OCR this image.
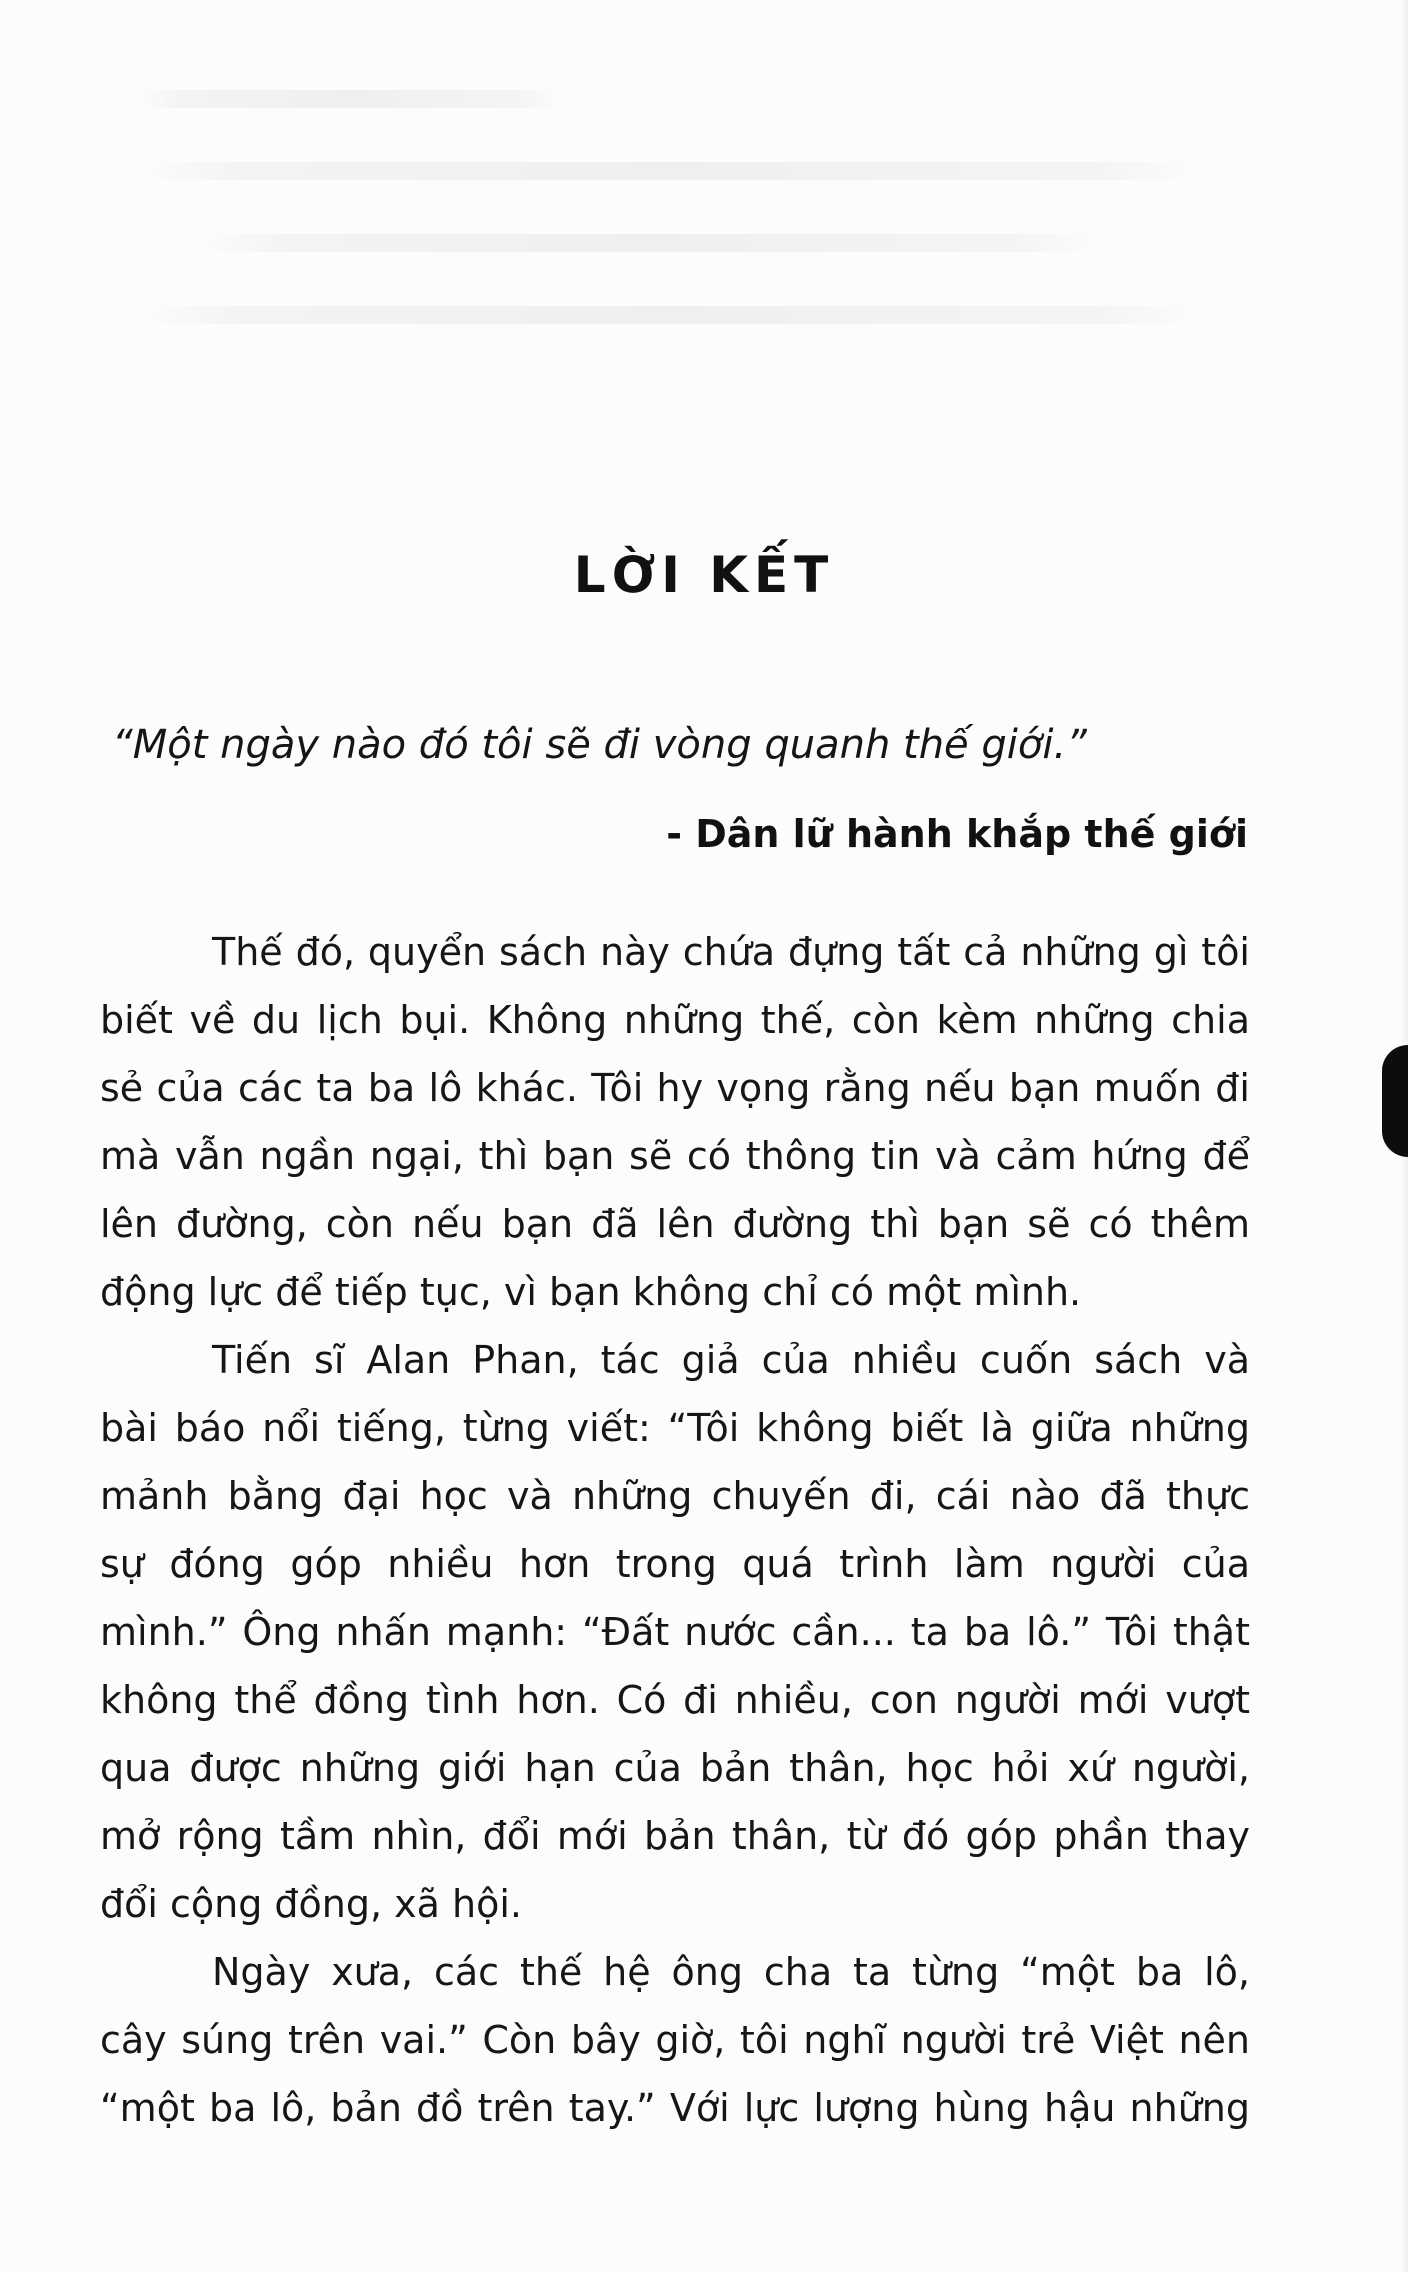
LỜI KẾT
“Một ngày nào đó tôi sẽ đi vòng quanh thế giới.”
- Dân lữ hành khắp thế giới
Thế đó, quyển sách này chứa đựng tất cả những gì tôi
biết về du lịch bụi. Không những thế, còn kèm những chia
sẻ của các ta ba lô khác. Tôi hy vọng rằng nếu bạn muốn đi
mà vẫn ngần ngại, thì bạn sẽ có thông tin và cảm hứng để
lên đường, còn nếu bạn đã lên đường thì bạn sẽ có thêm
động lực để tiếp tục, vì bạn không chỉ có một mình.
Tiến sĩ Alan Phan, tác giả của nhiều cuốn sách và
bài báo nổi tiếng, từng viết: “Tôi không biết là giữa những
mảnh bằng đại học và những chuyến đi, cái nào đã thực
sự đóng góp nhiều hơn trong quá trình làm người của
mình.” Ông nhấn mạnh: “Đất nước cần... ta ba lô.” Tôi thật
không thể đồng tình hơn. Có đi nhiều, con người mới vượt
qua được những giới hạn của bản thân, học hỏi xứ người,
mở rộng tầm nhìn, đổi mới bản thân, từ đó góp phần thay
đổi cộng đồng, xã hội.
Ngày xưa, các thế hệ ông cha ta từng “một ba lô,
cây súng trên vai.” Còn bây giờ, tôi nghĩ người trẻ Việt nên
“một ba lô, bản đồ trên tay.” Với lực lượng hùng hậu những
